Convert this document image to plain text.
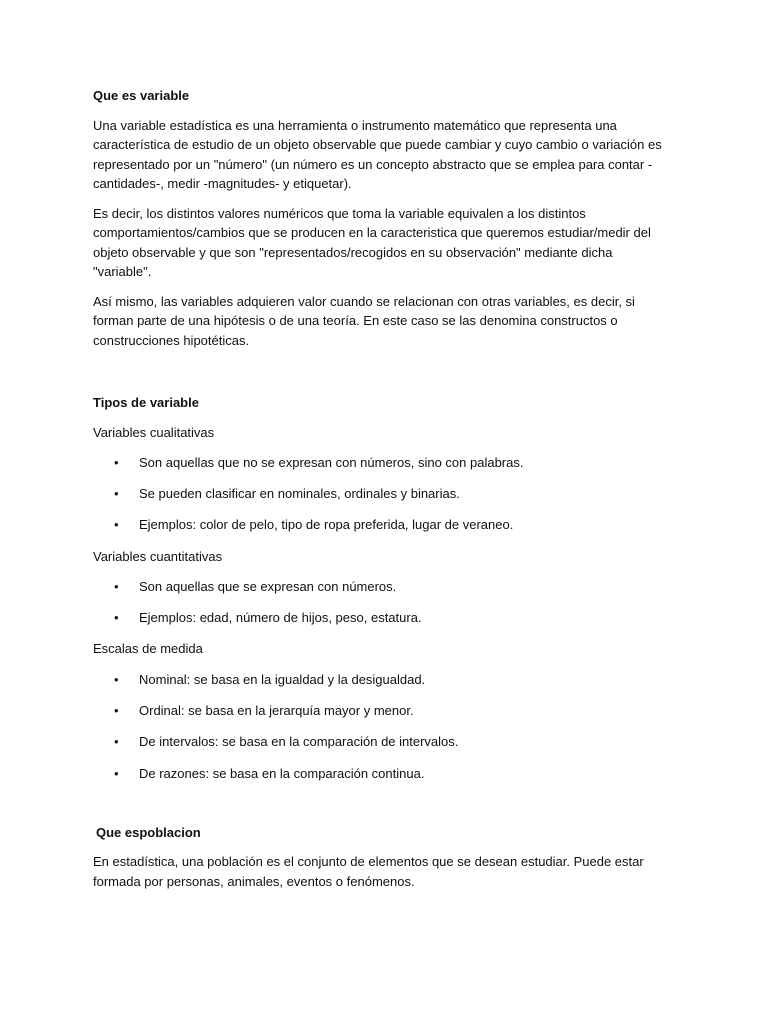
Que es variable

Una variable estadística es una herramienta o instrumento matemático que representa una característica de estudio de un objeto observable que puede cambiar y cuyo cambio o variación es representado por un "número" (un número es un concepto abstracto que se emplea para contar -cantidades-, medir -magnitudes- y etiquetar).

Es decir, los distintos valores numéricos que toma la variable equivalen a los distintos comportamientos/cambios que se producen en la caracteristica que queremos estudiar/medir del objeto observable y que son "representados/recogidos en su observación" mediante dicha "variable".

Así mismo, las variables adquieren valor cuando se relacionan con otras variables, es decir, si forman parte de una hipótesis o de una teoría. En este caso se las denomina constructos o construcciones hipotéticas.

Tipos de variable

Variables cualitativas

• Son aquellas que no se expresan con números, sino con palabras.
• Se pueden clasificar en nominales, ordinales y binarias.
• Ejemplos: color de pelo, tipo de ropa preferida, lugar de veraneo.

Variables cuantitativas

• Son aquellas que se expresan con números.
• Ejemplos: edad, número de hijos, peso, estatura.

Escalas de medida

• Nominal: se basa en la igualdad y la desigualdad.
• Ordinal: se basa en la jerarquía mayor y menor.
• De intervalos: se basa en la comparación de intervalos.
• De razones: se basa en la comparación continua.
Que espoblacion

En estadística, una población es el conjunto de elementos que se desean estudiar. Puede estar formada por personas, animales, eventos o fenómenos.
